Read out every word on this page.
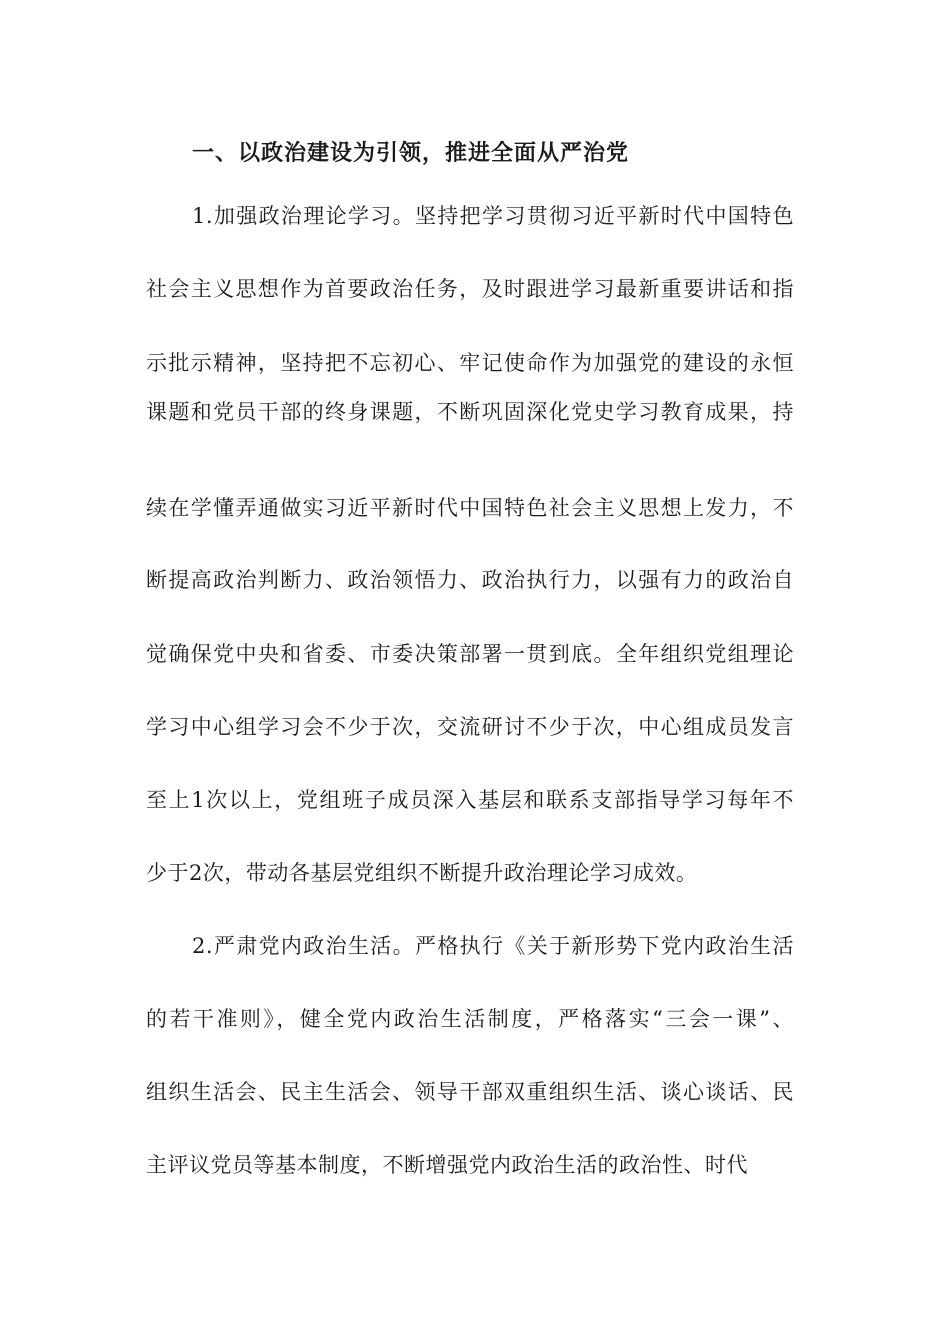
一、以政治建设为引领，推进全面从严治党
1.加强政治理论学习。坚持把学习贯彻习近平新时代中国特色
社会主义思想作为首要政治任务，及时跟进学习最新重要讲话和指
示批示精神，坚持把不忘初心、牢记使命作为加强党的建设的永恒
课题和党员干部的终身课题，不断巩固深化党史学习教育成果，持
续在学懂弄通做实习近平新时代中国特色社会主义思想上发力，不
断提高政治判断力、政治领悟力、政治执行力，以强有力的政治自
觉确保党中央和省委、市委决策部署一贯到底。全年组织党组理论
学习中心组学习会不少于次，交流研讨不少于次，中心组成员发言
至上1次以上，党组班子成员深入基层和联系支部指导学习每年不
少于2次，带动各基层党组织不断提升政治理论学习成效。
2.严肃党内政治生活。严格执行《关于新形势下党内政治生活
的若干准则》，健全党内政治生活制度，严格落实“三会一课”、
组织生活会、民主生活会、领导干部双重组织生活、谈心谈话、民
主评议党员等基本制度，不断增强党内政治生活的政治性、时代
